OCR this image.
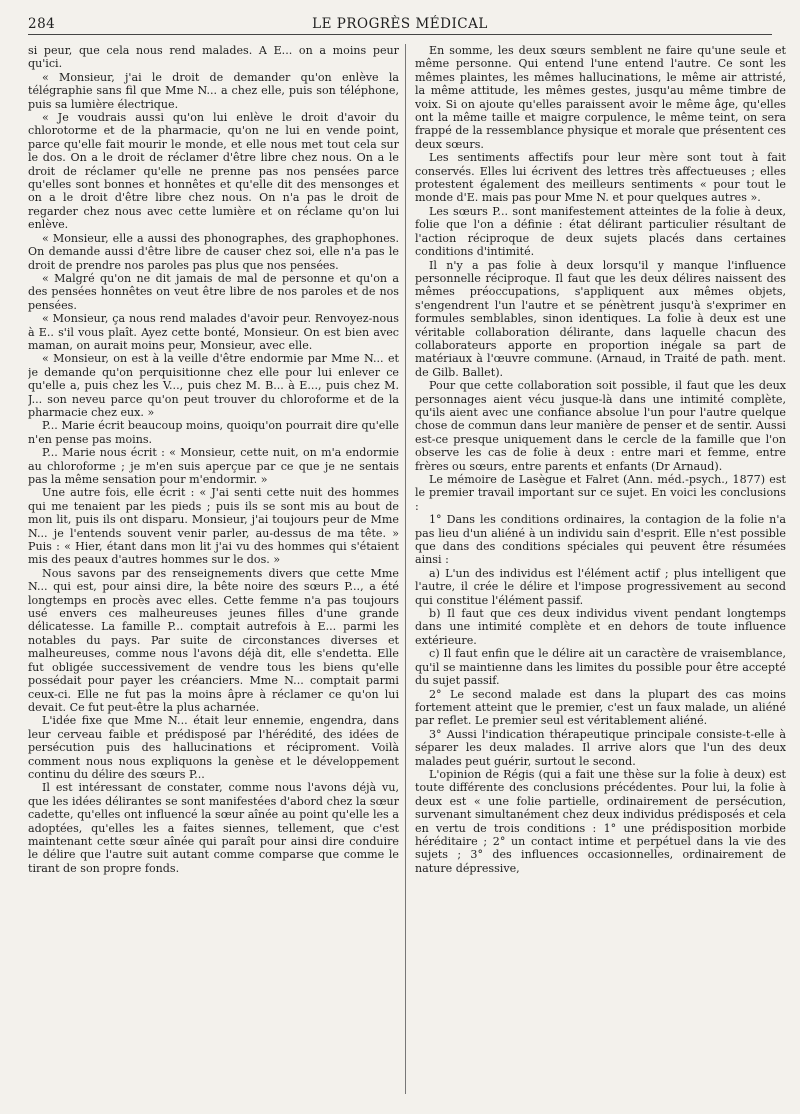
284	LE PROGRÈS MÉDICAL

si peur, que cela nous rend malades. A E... on a moins peur qu'ici.

« Monsieur, j'ai le droit de demander qu'on enlève la télégraphie sans fil que Mme N... a chez elle, puis son téléphone, puis sa lumière électrique.

« Je voudrais aussi qu'on lui enlève le droit d'avoir du chlorotorme et de la pharmacie, qu'on ne lui en vende point, parce qu'elle fait mourir le monde, et elle nous met tout cela sur le dos. On a le droit de réclamer d'être libre chez nous. On a le droit de réclamer qu'elle ne prenne pas nos pensées parce qu'elles sont bonnes et honnêtes et qu'elle dit des mensonges et on a le droit d'être libre chez nous. On n'a pas le droit de regarder chez nous avec cette lumière et on réclame qu'on lui enlève.

« Monsieur, elle a aussi des phonographes, des graphophones. On demande aussi d'être libre de causer chez soi, elle n'a pas le droit de prendre nos paroles pas plus que nos pensées.

« Malgré qu'on ne dit jamais de mal de personne et qu'on a des pensées honnêtes on veut être libre de nos paroles et de nos pensées.

« Monsieur, ça nous rend malades d'avoir peur. Renvoyez-nous à E.. s'il vous plaît. Ayez cette bonté, Monsieur. On est bien avec maman, on aurait moins peur, Monsieur, avec elle.

« Monsieur, on est à la veille d'être endormie par Mme N... et je demande qu'on perquisitionne chez elle pour lui enlever ce qu'elle a, puis chez les V..., puis chez M. B... à E..., puis chez M. J... son neveu parce qu'on peut trouver du chloroforme et de la pharmacie chez eux. »

P... Marie écrit beaucoup moins, quoiqu'on pourrait dire qu'elle n'en pense pas moins.

P... Marie nous écrit : « Monsieur, cette nuit, on m'a endormie au chloroforme ; je m'en suis aperçue par ce que je ne sentais pas la même sensation pour m'endormir. »

Une autre fois, elle écrit : « J'ai senti cette nuit des hommes qui me tenaient par les pieds ; puis ils se sont mis au bout de mon lit, puis ils ont disparu. Monsieur, j'ai toujours peur de Mme N... je l'entends souvent venir parler, au-dessus de ma tête. » Puis : « Hier, étant dans mon lit j'ai vu des hommes qui s'étaient mis des peaux d'autres hommes sur le dos. »

Nous savons par des renseignements divers que cette Mme N... qui est, pour ainsi dire, la bête noire des sœurs P..., a été longtemps en procès avec elles. Cette femme n'a pas toujours usé envers ces malheureuses jeunes filles d'une grande délicatesse. La famille P... comptait autrefois à E... parmi les notables du pays. Par suite de circonstances diverses et malheureuses, comme nous l'avons déjà dit, elle s'endetta. Elle fut obligée successivement de vendre tous les biens qu'elle possédait pour payer les créanciers. Mme N... comptait parmi ceux-ci. Elle ne fut pas la moins âpre à réclamer ce qu'on lui devait. Ce fut peut-être la plus acharnée.

L'idée fixe que Mme N... était leur ennemie, engendra, dans leur cerveau faible et prédisposé par l'hérédité, des idées de persécution puis des hallucinations et réciproment. Voilà comment nous nous expliquons la genèse et le développement continu du délire des sœurs P...

Il est intéressant de constater, comme nous l'avons déjà vu, que les idées délirantes se sont manifestées d'abord chez la sœur cadette, qu'elles ont influencé la sœur aînée au point qu'elle les a adoptées, qu'elles les a faites siennes, tellement, que c'est maintenant cette sœur aînée qui paraît pour ainsi dire conduire le délire que l'autre suit autant comme comparse que comme le tirant de son propre fonds.

En somme, les deux sœurs semblent ne faire qu'une seule et même personne. Qui entend l'une entend l'autre. Ce sont les mêmes plaintes, les mêmes hallucinations, le même air attristé, la même attitude, les mêmes gestes, jusqu'au même timbre de voix. Si on ajoute qu'elles paraissent avoir le même âge, qu'elles ont la même taille et maigre corpulence, le même teint, on sera frappé de la ressemblance physique et morale que présentent ces deux sœurs.

Les sentiments affectifs pour leur mère sont tout à fait conservés. Elles lui écrivent des lettres très affectueuses ; elles protestent également des meilleurs sentiments « pour tout le monde d'E. mais pas pour Mme N. et pour quelques autres ».

Les sœurs P... sont manifestement atteintes de la folie à deux, folie que l'on a définie : état délirant particulier résultant de l'action réciproque de deux sujets placés dans certaines conditions d'intimité.

Il n'y a pas folie à deux lorsqu'il y manque l'influence personnelle réciproque. Il faut que les deux délires naissent des mêmes préoccupations, s'appliquent aux mêmes objets, s'engendrent l'un l'autre et se pénètrent jusqu'à s'exprimer en formules semblables, sinon identiques. La folie à deux est une véritable collaboration délirante, dans laquelle chacun des collaborateurs apporte en proportion inégale sa part de matériaux à l'œuvre commune. (Arnaud, in Traité de path. ment. de Gilb. Ballet).

Pour que cette collaboration soit possible, il faut que les deux personnages aient vécu jusque-là dans une intimité complète, qu'ils aient avec une confiance absolue l'un pour l'autre quelque chose de commun dans leur manière de penser et de sentir. Aussi est-ce presque uniquement dans le cercle de la famille que l'on observe les cas de folie à deux : entre mari et femme, entre frères ou sœurs, entre parents et enfants (Dr Arnaud).

Le mémoire de Lasègue et Falret (Ann. méd.-psych., 1877) est le premier travail important sur ce sujet. En voici les conclusions :

1° Dans les conditions ordinaires, la contagion de la folie n'a pas lieu d'un aliéné à un individu sain d'esprit. Elle n'est possible que dans des conditions spéciales qui peuvent être résumées ainsi :

a) L'un des individus est l'élément actif ; plus intelligent que l'autre, il crée le délire et l'impose progressivement au second qui constitue l'élément passif.

b) Il faut que ces deux individus vivent pendant longtemps dans une intimité complète et en dehors de toute influence extérieure.

c) Il faut enfin que le délire ait un caractère de vraisemblance, qu'il se maintienne dans les limites du possible pour être accepté du sujet passif.

2° Le second malade est dans la plupart des cas moins fortement atteint que le premier, c'est un faux malade, un aliéné par reflet. Le premier seul est véritablement aliéné.

3° Aussi l'indication thérapeutique principale consiste-t-elle à séparer les deux malades. Il arrive alors que l'un des deux malades peut guérir, surtout le second.

L'opinion de Régis (qui a fait une thèse sur la folie à deux) est toute différente des conclusions précédentes. Pour lui, la folie à deux est « une folie partielle, ordinairement de persécution, survenant simultanément chez deux individus prédisposés et cela en vertu de trois conditions : 1° une prédisposition morbide héréditaire ; 2° un contact intime et perpétuel dans la vie des sujets ; 3° des influences occasionnelles, ordinairement de nature dépressive,
